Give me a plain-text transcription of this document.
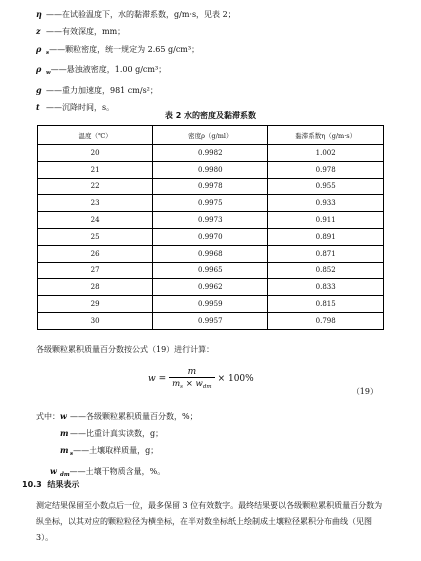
η ——在试验温度下，水的黏滞系数，g/m·s，见表 2；
z ——有效深度，mm；
ρ $_s$——颗粒密度，统一规定为 2.65 g/cm³；
ρ $_w$——悬浊液密度，1.00 g/cm³；
g ——重力加速度，981 cm/s²；
t ——沉降时间，s。
表 2 水的密度及黏滞系数
温度（℃）	密度ρ（g/ml）	黏滞系数η（g/m·s）
20	0.9982	1.002
21	0.9980	0.978
22	0.9978	0.955
23	0.9975	0.933
24	0.9973	0.911
25	0.9970	0.891
26	0.9968	0.871
27	0.9965	0.852
28	0.9962	0.833
29	0.9959	0.815
30	0.9957	0.798
各级颗粒累积质量百分数按公式（19）进行计算：
$w = \frac{m}{m_s \times w_{dm}} \times 100\%$
（19）
式中：w ——各级颗粒累积质量百分数，%；
m ——比重计真实读数，g；
m $_s$——土壤取样质量，g；
w $_{dm}$——土壤干物质含量，%。
10.3 结果表示
测定结果保留至小数点后一位，最多保留 3 位有效数字。最终结果要以各级颗粒累积质量百分数为纵坐标，以其对应的颗粒粒径为横坐标，在半对数坐标纸上绘制成土壤粒径累积分布曲线（见图 3）。
